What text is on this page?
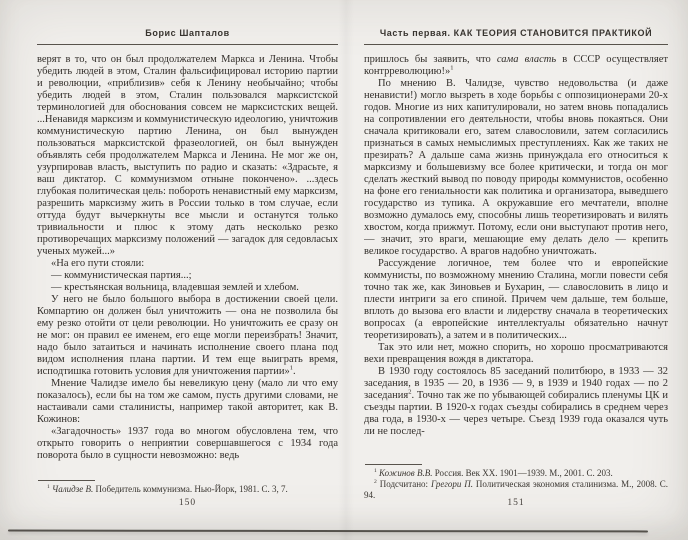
Борис Шапталов

верят в то, что он был продолжателем Маркса и Ленина. Чтобы убедить людей в этом, Сталин фальсифицировал историю партии и революции, «приблизив» себя к Ленину необычайно; чтобы убедить людей в этом, Сталин пользовался марксистской терминологией для обоснования совсем не марксистских вещей. ...Ненавидя марксизм и коммунистическую идеологию, уничтожив коммунистическую партию Ленина, он был вынужден пользоваться марксистской фразеологией, он был вынужден объявлять себя продолжателем Маркса и Ленина. Не мог же он, узурпировав власть, выступить по радио и сказать: «Здрасьте, я ваш диктатор. С коммунизмом отныне покончено». ...здесь глубокая политическая цель: побороть ненавистный ему марксизм, разрешить марксизму жить в России только в том случае, если оттуда будут вычеркнуты все мысли и останутся только тривиальности и плюс к этому дать несколько резко противоречащих марксизму положений — загадок для седовласых ученых мужей...»

«На его пути стояли:

— коммунистическая партия...;

— крестьянская вольница, владевшая землей и хлебом.

У него не было большого выбора в достижении своей цели. Компартию он должен был уничтожить — она не позволила бы ему резко отойти от цели революции. Но уничтожить ее сразу он не мог: он правил ее именем, его еще могли переизбрать! Значит, надо было затаиться и начинать исполнение своего плана под видом исполнения плана партии. И тем еще выиграть время, исподтишка готовить условия для уничтожения партии»$^1$.

Мнение Чалидзе имело бы невеликую цену (мало ли что ему показалось), если бы на том же самом, пусть другими словами, не настаивали сами сталинисты, например такой авторитет, как В. Кожинов:

«Загадочность» 1937 года во многом обусловлена тем, что открыто говорить о неприятии совершавшегося с 1934 года поворота было в сущности невозможно: ведь

$^1$ Чалидзе В. Победитель коммунизма. Нью-Йорк, 1981. С. 3, 7.

150
Часть первая. КАК ТЕОРИЯ СТАНОВИТСЯ ПРАКТИКОЙ

пришлось бы заявить, что сама власть в СССР осуществляет контрреволюцию!»$^1$

По мнению В. Чалидзе, чувство недовольства (и даже ненависти!) могло вызреть в ходе борьбы с оппозиционерами 20-х годов. Многие из них капитулировали, но затем вновь попадались на сопротивлении его деятельности, чтобы вновь покаяться. Они сначала критиковали его, затем славословили, затем согласились признаться в самых немыслимых преступлениях. Как же таких не презирать? А дальше сама жизнь принуждала его относиться к марксизму и большевизму все более критически, и тогда он мог сделать жесткий вывод по поводу природы коммунистов, особенно на фоне его гениальности как политика и организатора, выведшего государство из тупика. А окружавшие его мечтатели, вполне возможно думалось ему, способны лишь теоретизировать и вилять хвостом, когда прижмут. Потому, если они выступают против него, — значит, это враги, мешающие ему делать дело — крепить великое государство. А врагов надобно уничтожать.

Рассуждение логичное, тем более что и европейские коммунисты, по возможному мнению Сталина, могли повести себя точно так же, как Зиновьев и Бухарин, — славословить в лицо и плести интриги за его спиной. Причем чем дальше, тем больше, вплоть до вызова его власти и лидерству сначала в теоретических вопросах (а европейские интеллектуалы обязательно начнут теоретизировать), а затем и в политических...

Так это или нет, можно спорить, но хорошо просматриваются вехи превращения вождя в диктатора.

В 1930 году состоялось 85 заседаний политбюро, в 1933 — 32 заседания, в 1935 — 20, в 1936 — 9, в 1939 и 1940 годах — по 2 заседания$^2$. Точно так же по убывающей собирались пленумы ЦК и съезды партии. В 1920-х годах съезды собирались в среднем через два года, в 1930-х — через четыре. Съезд 1939 года оказался чуть ли не послед-

$^1$ Кожинов В.В. Россия. Век XX. 1901—1939. М., 2001. С. 203.

$^2$ Подсчитано: Грегори П. Политическая экономия сталинизма. М., 2008. С. 94.

151
